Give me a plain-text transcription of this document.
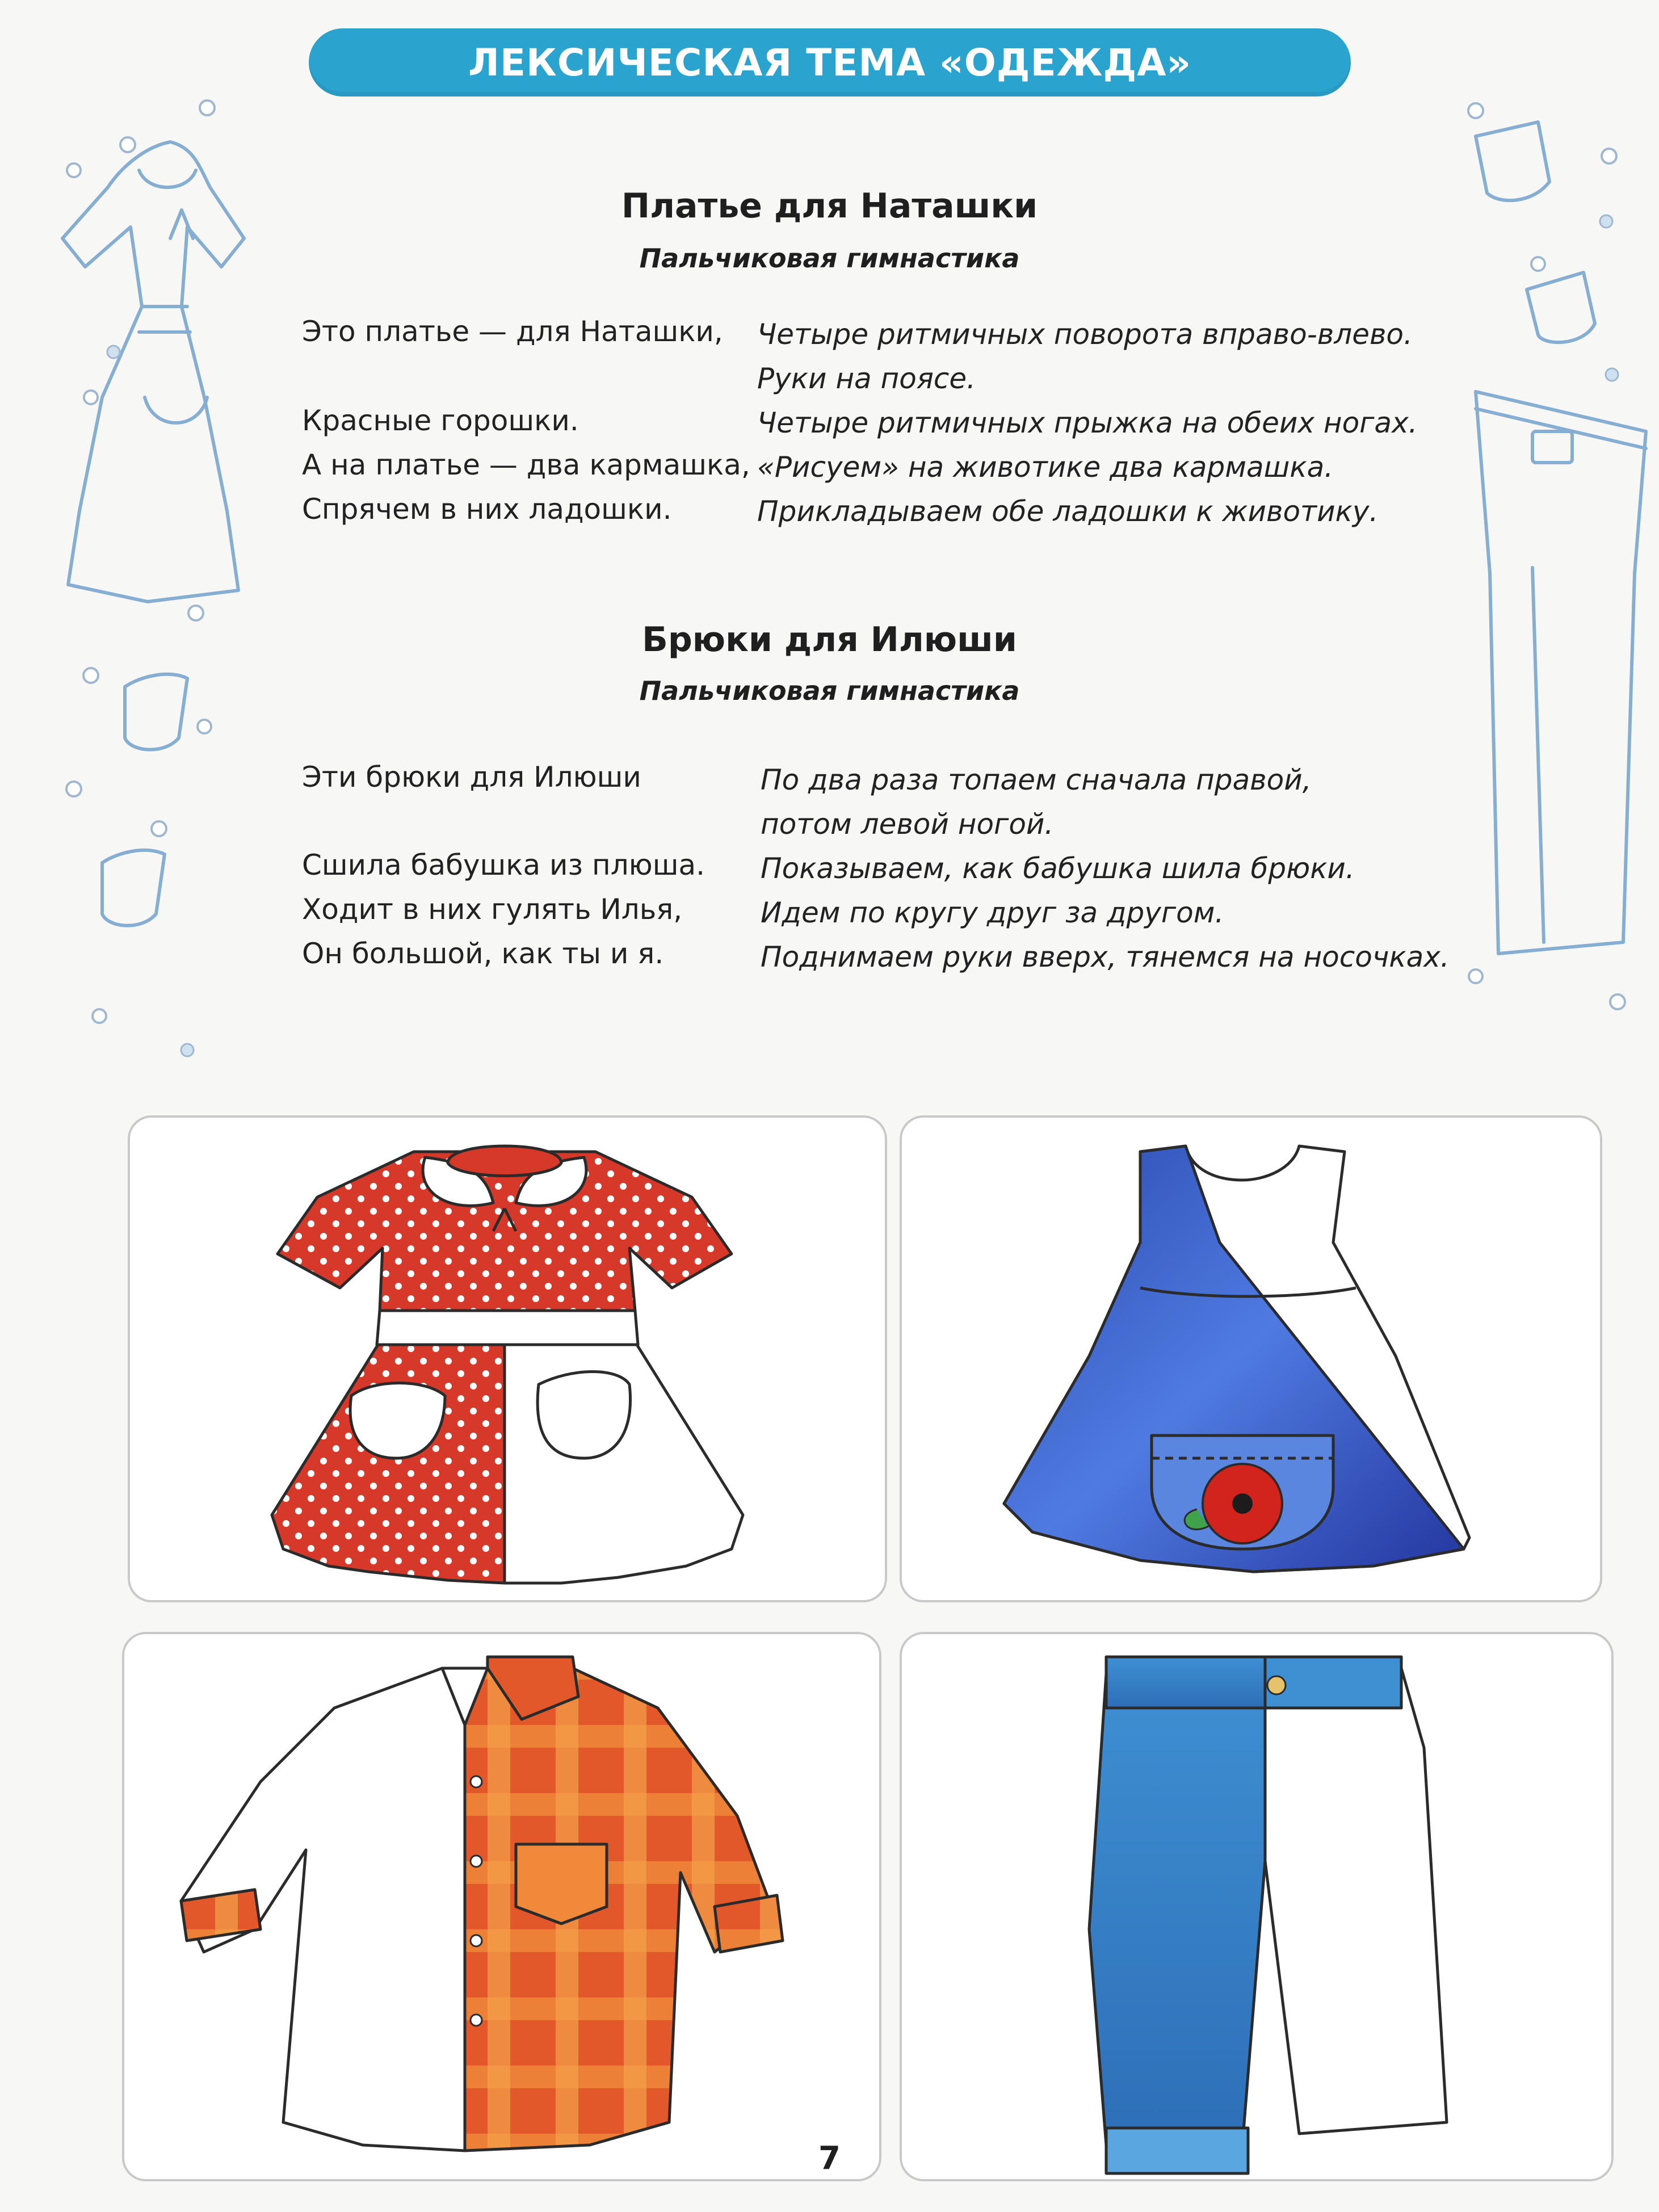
ЛЕКСИЧЕСКАЯ ТЕМА «ОДЕЖДА»
Платье для Наташки
Пальчиковая гимнастика
Это платье — для Наташки,
Красные горошки.
А на платье — два кармашка,
Спрячем в них ладошки.
Четыре ритмичных поворота вправо-влево.
Руки на поясе.
Четыре ритмичных прыжка на обеих ногах.
«Рисуем» на животике два кармашка.
Прикладываем обе ладошки к животику.
Брюки для Илюши
Пальчиковая гимнастика
Эти брюки для Илюши
Сшила бабушка из плюша.
Ходит в них гулять Илья,
Он большой, как ты и я.
По два раза топаем сначала правой,
потом левой ногой.
Показываем, как бабушка шила брюки.
Идем по кругу друг за другом.
Поднимаем руки вверх, тянемся на носочках.
7
